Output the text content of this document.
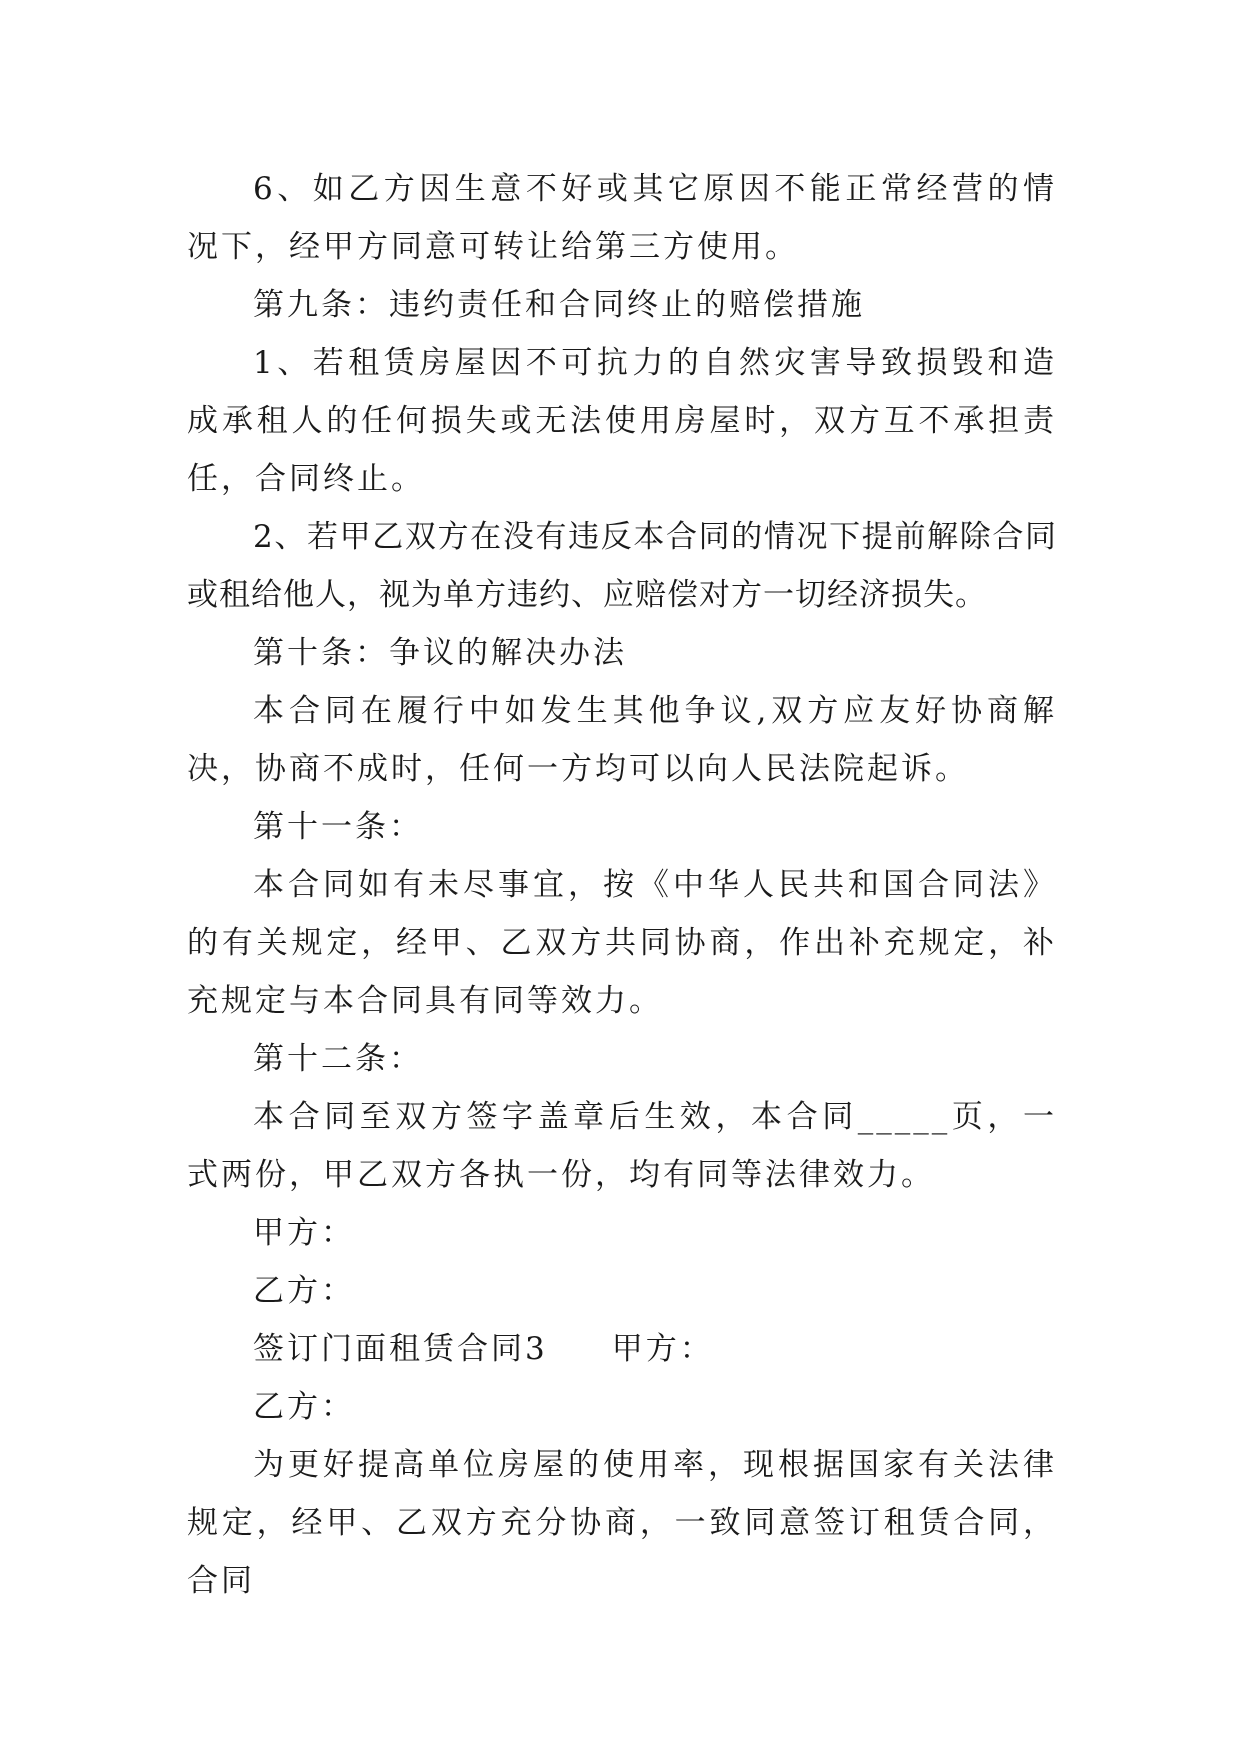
6、如乙方因生意不好或其它原因不能正常经营的情况下，经甲方同意可转让给第三方使用。

第九条：违约责任和合同终止的赔偿措施

1、若租赁房屋因不可抗力的自然灾害导致损毁和造成承租人的任何损失或无法使用房屋时，双方互不承担责任，合同终止。

2、若甲乙双方在没有违反本合同的情况下提前解除合同或租给他人，视为单方违约、应赔偿对方一切经济损失。

第十条：争议的解决办法

本合同在履行中如发生其他争议,双方应友好协商解决，协商不成时，任何一方均可以向人民法院起诉。

第十一条：

本合同如有未尽事宜，按《中华人民共和国合同法》的有关规定，经甲、乙双方共同协商，作出补充规定，补充规定与本合同具有同等效力。

第十二条：

本合同至双方签字盖章后生效，本合同_____页，一式两份，甲乙双方各执一份，均有同等法律效力。

甲方：

乙方：

签订门面租赁合同3 甲方：

乙方：

为更好提高单位房屋的使用率，现根据国家有关法律规定，经甲、乙双方充分协商，一致同意签订租赁合同，合同
